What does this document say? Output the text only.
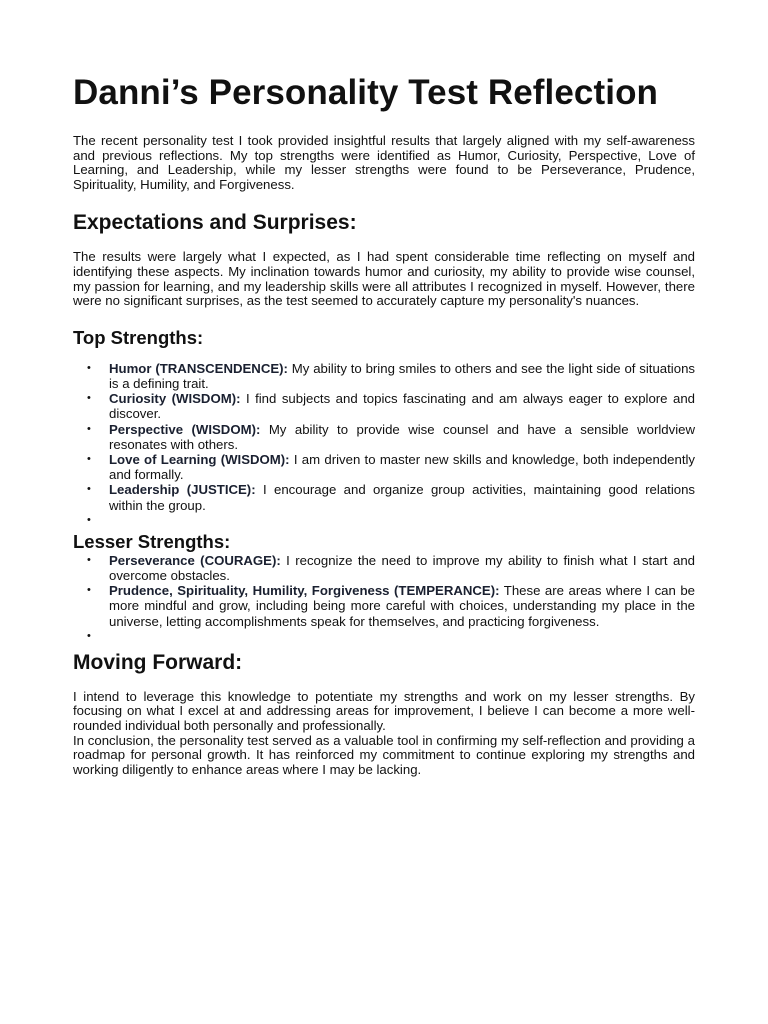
Danni’s Personality Test Reflection

The recent personality test I took provided insightful results that largely aligned with my self-awareness and previous reflections. My top strengths were identified as Humor, Curiosity, Perspective, Love of Learning, and Leadership, while my lesser strengths were found to be Perseverance, Prudence, Spirituality, Humility, and Forgiveness.

Expectations and Surprises:

The results were largely what I expected, as I had spent considerable time reflecting on myself and identifying these aspects. My inclination towards humor and curiosity, my ability to provide wise counsel, my passion for learning, and my leadership skills were all attributes I recognized in myself. However, there were no significant surprises, as the test seemed to accurately capture my personality's nuances.

Top Strengths:
• Humor (TRANSCENDENCE): My ability to bring smiles to others and see the light side of situations is a defining trait.
• Curiosity (WISDOM): I find subjects and topics fascinating and am always eager to explore and discover.
• Perspective (WISDOM): My ability to provide wise counsel and have a sensible worldview resonates with others.
• Love of Learning (WISDOM): I am driven to master new skills and knowledge, both independently and formally.
• Leadership (JUSTICE): I encourage and organize group activities, maintaining good relations within the group.
•
Lesser Strengths:
• Perseverance (COURAGE): I recognize the need to improve my ability to finish what I start and overcome obstacles.
• Prudence, Spirituality, Humility, Forgiveness (TEMPERANCE): These are areas where I can be more mindful and grow, including being more careful with choices, understanding my place in the universe, letting accomplishments speak for themselves, and practicing forgiveness.
•
Moving Forward:

I intend to leverage this knowledge to potentiate my strengths and work on my lesser strengths. By focusing on what I excel at and addressing areas for improvement, I believe I can become a more well-rounded individual both personally and professionally.

In conclusion, the personality test served as a valuable tool in confirming my self-reflection and providing a roadmap for personal growth. It has reinforced my commitment to continue exploring my strengths and working diligently to enhance areas where I may be lacking.
